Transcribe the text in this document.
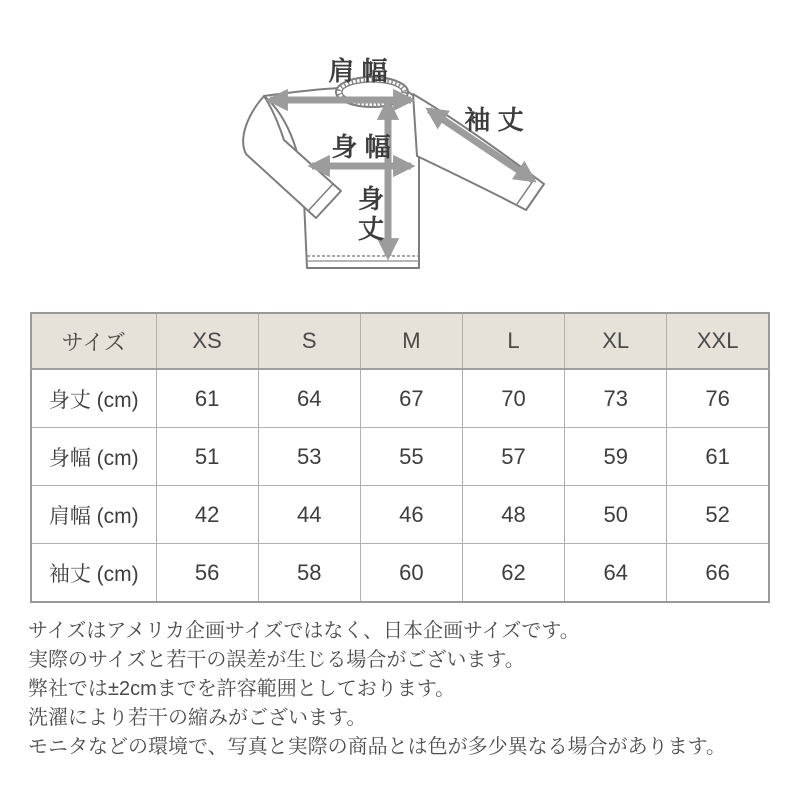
肩 幅
袖 丈
身 幅
身
丈
サイズ	XS	S	M	L	XL	XXL
身丈 (cm)	61	64	67	70	73	76
身幅 (cm)	51	53	55	57	59	61
肩幅 (cm)	42	44	46	48	50	52
袖丈 (cm)	56	58	60	62	64	66
サイズはアメリカ企画サイズではなく、日本企画サイズです。
実際のサイズと若干の誤差が生じる場合がございます。
弊社では±2cmまでを許容範囲としております。
洗濯により若干の縮みがございます。
モニタなどの環境で、写真と実際の商品とは色が多少異なる場合があります。
